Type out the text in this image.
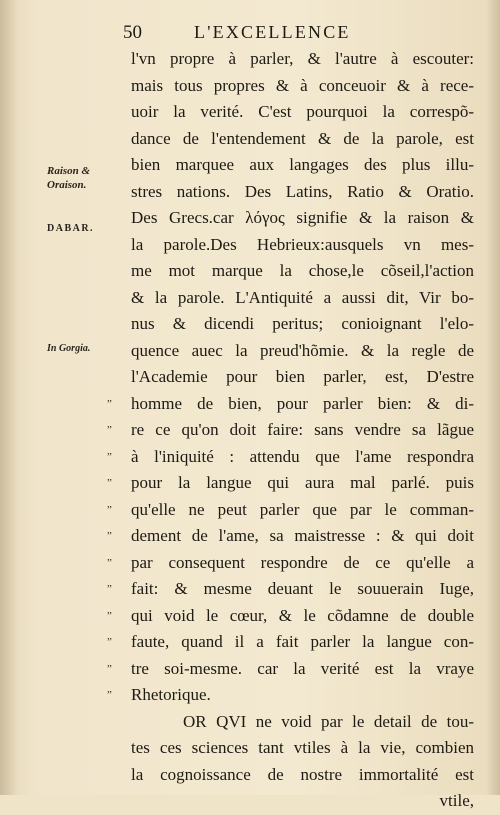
50	L'EXCELLENCE
Raison & Oraison.
DABAR.
In Gorgia.
l'vn propre à parler, & l'autre à escouter:
mais tous propres & à conceuoir & à rece-
uoir la verité. C'est pourquoi la correspõ-
dance de l'entendement & de la parole, est
bien marquee aux langages des plus illu-
stres nations. Des Latins, Ratio & Oratio.
Des Grecs.car λόγος signifie & la raison &
la parole.Des Hebrieux:ausquels vn mes-
me mot marque la chose,le cõseil,l'action
& la parole. L'Antiquité a aussi dit, Vir bo-
nus & dicendi peritus; conioignant l'elo-
quence auec la preud'hõmie. & la regle de
l'Academie pour bien parler, est, D'estre
” homme de bien, pour parler bien: & di-
” re ce qu'on doit faire: sans vendre sa lãgue
” à l'iniquité : attendu que l'ame respondra
” pour la langue qui aura mal parlé. puis
” qu'elle ne peut parler que par le comman-
” dement de l'ame, sa maistresse : & qui doit
” par consequent respondre de ce qu'elle a
” fait: & mesme deuant le souuerain Iuge,
” qui void le cœur, & le cõdamne de double
” faute, quand il a fait parler la langue con-
” tre soi-mesme. car la verité est la vraye
” Rhetorique.
OR QVI ne void par le detail de tou-
tes ces sciences tant vtiles à la vie, combien
la cognoissance de nostre immortalité est
vtile,
